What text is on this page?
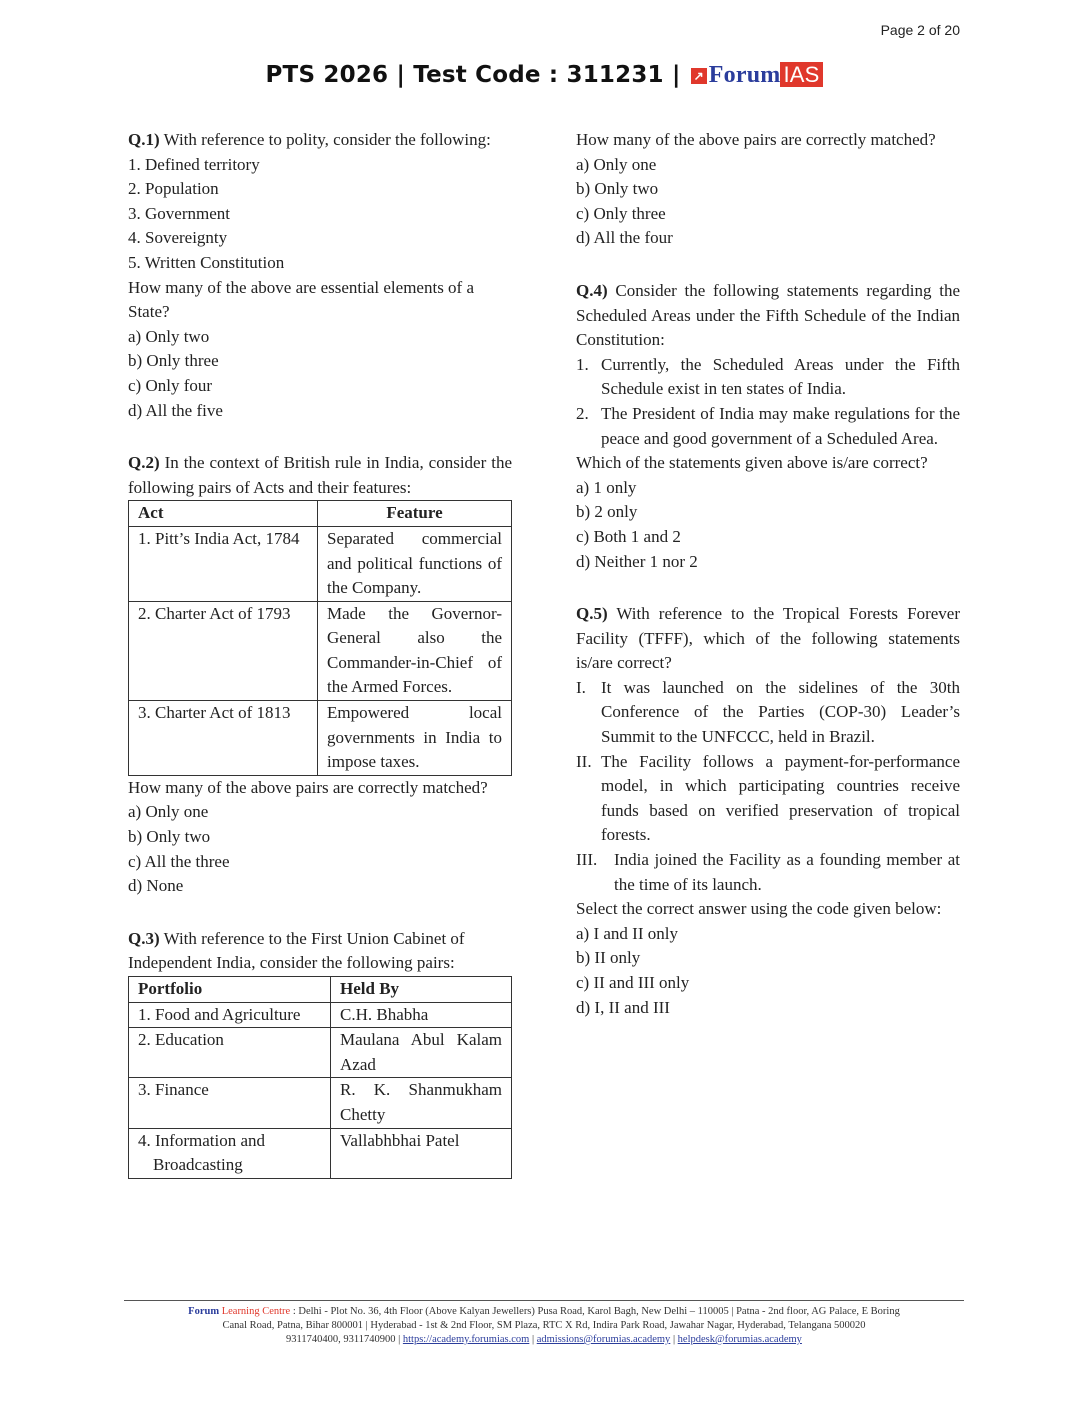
Page 2 of 20
PTS 2026 | Test Code : 311231 | ↗ Forum IAS
Q.1) With reference to polity, consider the following:
1. Defined territory
2. Population
3. Government
4. Sovereignty
5. Written Constitution
How many of the above are essential elements of a State?
a) Only two
b) Only three
c) Only four
d) All the five
Q.2) In the context of British rule in India, consider the following pairs of Acts and their features:
Act	Feature
1. Pitt’s India Act, 1784	Separated commercial and political functions of the Company.
2. Charter Act of 1793	Made the Governor-General also the Commander-in-Chief of the Armed Forces.
3. Charter Act of 1813	Empowered local governments in India to impose taxes.
How many of the above pairs are correctly matched?
a) Only one
b) Only two
c) All the three
d) None
Q.3) With reference to the First Union Cabinet of Independent India, consider the following pairs:
Portfolio	Held By
1. Food and Agriculture	C.H. Bhabha
2. Education	Maulana Abul Kalam Azad
3. Finance	R. K. Shanmukham Chetty
4. Information and Broadcasting	Vallabhbhai Patel
How many of the above pairs are correctly matched?
a) Only one
b) Only two
c) Only three
d) All the four
Q.4) Consider the following statements regarding the Scheduled Areas under the Fifth Schedule of the Indian Constitution:
1. Currently, the Scheduled Areas under the Fifth Schedule exist in ten states of India.
2. The President of India may make regulations for the peace and good government of a Scheduled Area.
Which of the statements given above is/are correct?
a) 1 only
b) 2 only
c) Both 1 and 2
d) Neither 1 nor 2
Q.5) With reference to the Tropical Forests Forever Facility (TFFF), which of the following statements is/are correct?
I. It was launched on the sidelines of the 30th Conference of the Parties (COP-30) Leader’s Summit to the UNFCCC, held in Brazil.
II. The Facility follows a payment-for-performance model, in which participating countries receive funds based on verified preservation of tropical forests.
III. India joined the Facility as a founding member at the time of its launch.
Select the correct answer using the code given below:
a) I and II only
b) II only
c) II and III only
d) I, II and III
Forum Learning Centre : Delhi - Plot No. 36, 4th Floor (Above Kalyan Jewellers) Pusa Road, Karol Bagh, New Delhi – 110005 | Patna - 2nd floor, AG Palace, E Boring
Canal Road, Patna, Bihar 800001 | Hyderabad - 1st & 2nd Floor, SM Plaza, RTC X Rd, Indira Park Road, Jawahar Nagar, Hyderabad, Telangana 500020
9311740400, 9311740900 | https://academy.forumias.com | admissions@forumias.academy | helpdesk@forumias.academy
